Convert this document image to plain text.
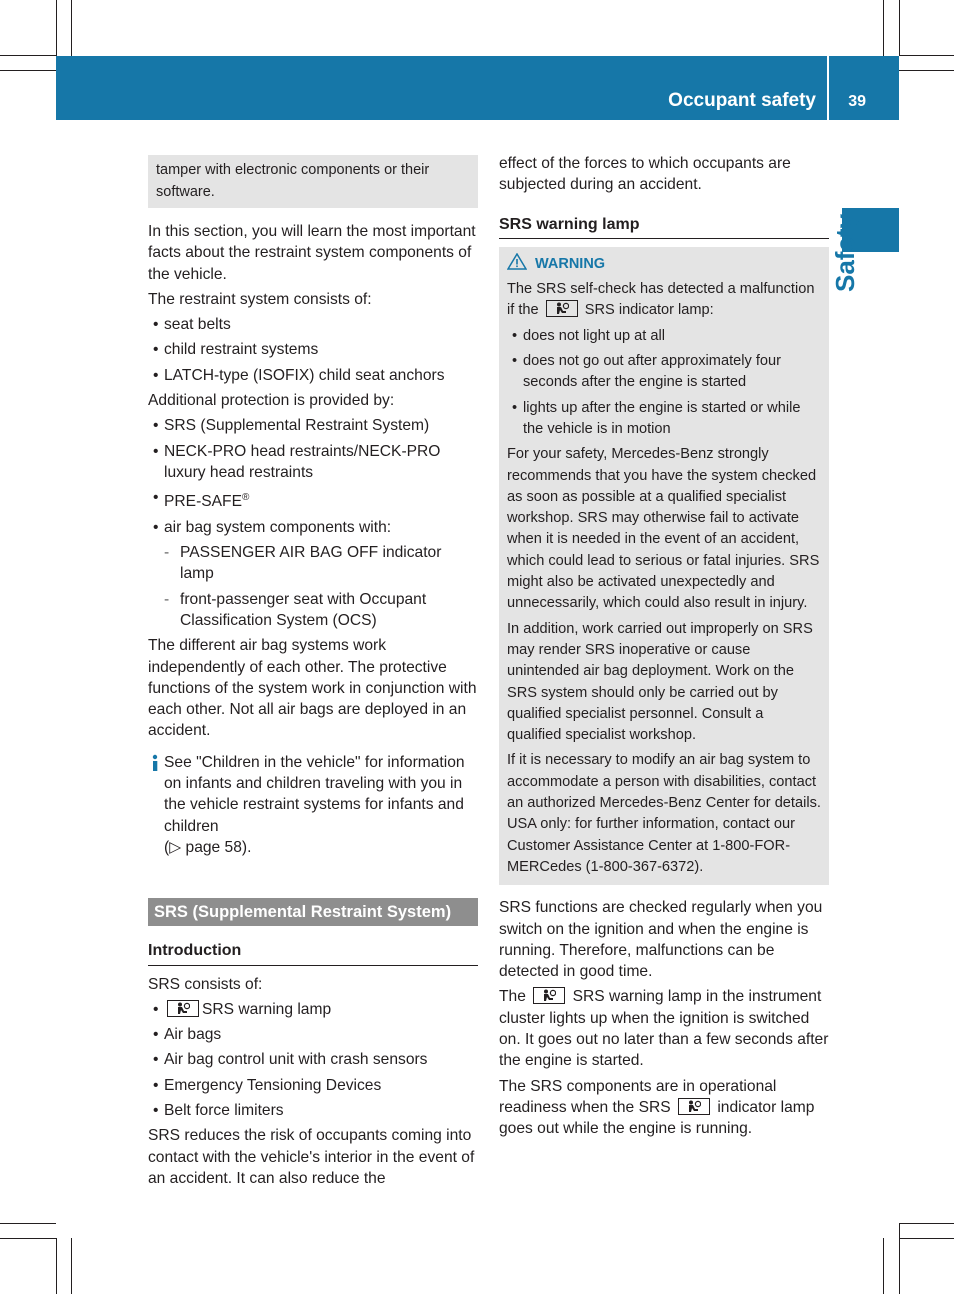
Occupant safety 39
Safety
tamper with electronic components or their software.

In this section, you will learn the most important facts about the restraint system components of the vehicle.

The restraint system consists of:

• seat belts
• child restraint systems
• LATCH-type (ISOFIX) child seat anchors

Additional protection is provided by:

• SRS (Supplemental Restraint System)
• NECK-PRO head restraints/NECK-PRO luxury head restraints
• PRE-SAFE®
• air bag system components with:
- PASSENGER AIR BAG OFF indicator lamp
- front-passenger seat with Occupant Classification System (OCS)

The different air bag systems work independently of each other. The protective functions of the system work in conjunction with each other. Not all air bags are deployed in an accident.

See "Children in the vehicle" for information on infants and children traveling with you in the vehicle restraint systems for infants and children
(▷ page 58).
SRS (Supplemental Restraint System)
Introduction

SRS consists of:

• SRS warning lamp
• Air bags
• Air bag control unit with crash sensors
• Emergency Tensioning Devices
• Belt force limiters

SRS reduces the risk of occupants coming into contact with the vehicle's interior in the event of an accident. It can also reduce the

effect of the forces to which occupants are subjected during an accident.

SRS warning lamp
WARNING

The SRS self-check has detected a malfunction if the	SRS indicator lamp:

• does not light up at all
• does not go out after approximately four seconds after the engine is started
• lights up after the engine is started or while the vehicle is in motion

For your safety, Mercedes-Benz strongly recommends that you have the system checked as soon as possible at a qualified specialist workshop. SRS may otherwise fail to activate when it is needed in the event of an accident, which could lead to serious or fatal injuries. SRS might also be activated unexpectedly and unnecessarily, which could also result in injury.

In addition, work carried out improperly on SRS may render SRS inoperative or cause unintended air bag deployment. Work on the SRS system should only be carried out by qualified specialist personnel. Consult a qualified specialist workshop.

If it is necessary to modify an air bag system to accommodate a person with disabilities, contact an authorized Mercedes-Benz Center for details. USA only: for further information, contact our Customer Assistance Center at 1-800-FOR-MERCedes (1-800-367-6372).

SRS functions are checked regularly when you switch on the ignition and when the engine is running. Therefore, malfunctions can be detected in good time.

The	SRS warning lamp in the instrument cluster lights up when the ignition is switched on. It goes out no later than a few seconds after the engine is started.

The SRS components are in operational readiness when the SRS	indicator lamp goes out while the engine is running.
